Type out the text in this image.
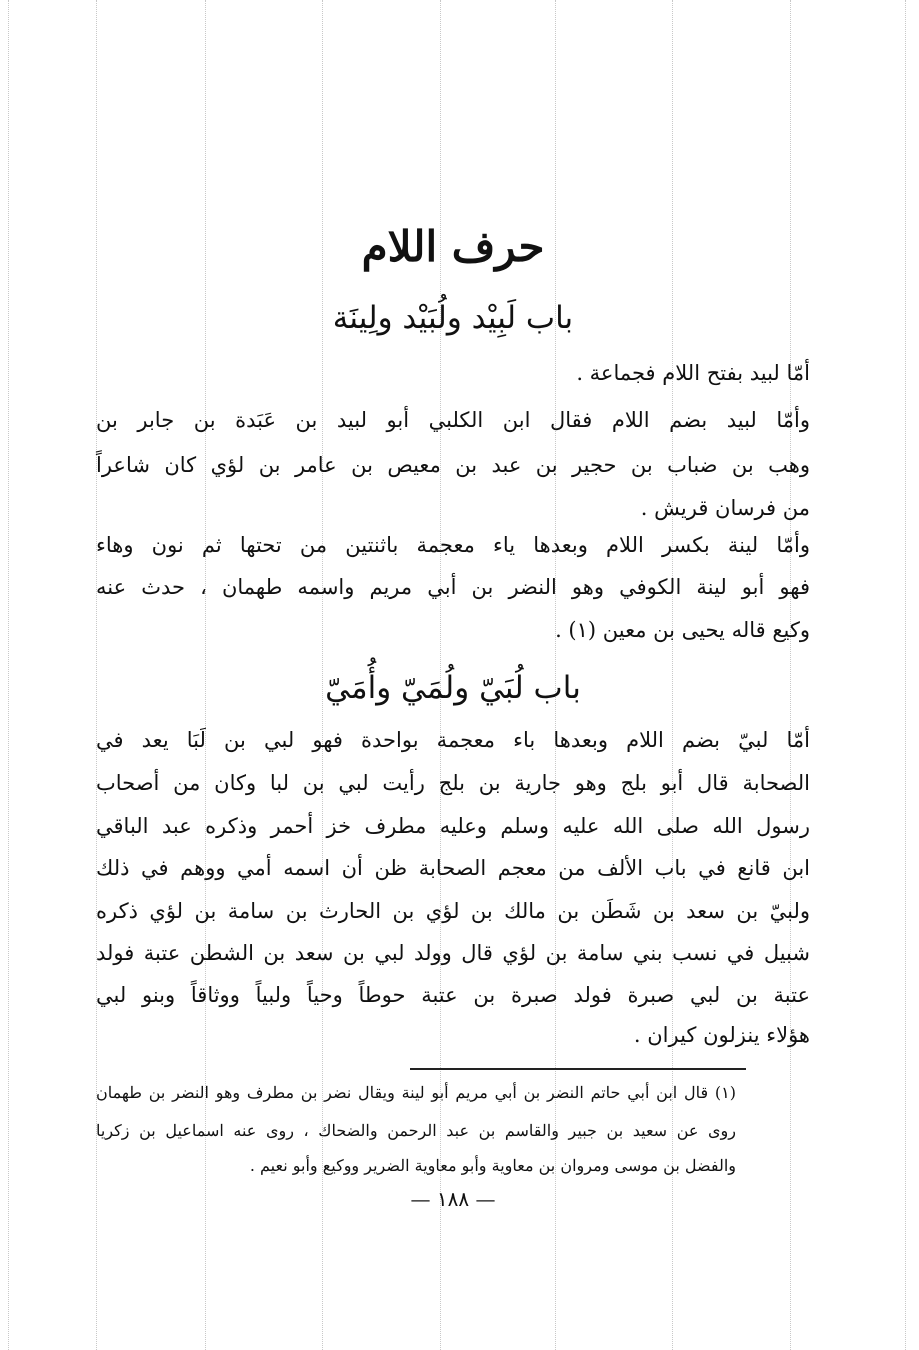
حرف اللام
باب لَبِيْد ولُبَيْد ولِينَة
أمّا لبيد بفتح اللام فجماعة .
وأمّا لبيد بضم اللام فقال ابن الكلبي أبو لبيد بن عَبَدة بن جابر بن
وهب بن ضباب بن حجير بن عبد بن معيص بن عامر بن لؤي كان شاعراً
من فرسان قريش .
وأمّا لينة بكسر اللام وبعدها ياء معجمة باثنتين من تحتها ثم نون وهاء
فهو أبو لينة الكوفي وهو النضر بن أبي مريم واسمه طهمان ، حدث عنه
وكيع قاله يحيى بن معين (١) .
باب لُبَيّ ولُمَيّ وأُمَيّ
أمّا لبيّ بضم اللام وبعدها باء معجمة بواحدة فهو لبي بن لَبَا يعد في
الصحابة قال أبو بلج وهو جارية بن بلج رأيت لبي بن لبا وكان من أصحاب
رسول الله صلى الله عليه وسلم وعليه مطرف خز أحمر وذكره عبد الباقي
ابن قانع في باب الألف من معجم الصحابة ظن أن اسمه أمي ووهم في ذلك
ولبيّ بن سعد بن شَطَن بن مالك بن لؤي بن الحارث بن سامة بن لؤي ذكره
شبيل في نسب بني سامة بن لؤي قال وولد لبي بن سعد بن الشطن عتبة فولد
عتبة بن لبي صبرة فولد صبرة بن عتبة حوطاً وحياً ولبياً ووثاقاً وبنو لبي
هؤلاء ينزلون كيران .
(١) قال ابن أبي حاتم النضر بن أبي مريم أبو لينة ويقال نضر بن مطرف وهو النضر بن طهمان
روى عن سعيد بن جبير والقاسم بن عبد الرحمن والضحاك ، روى عنه اسماعيل بن زكريا
والفضل بن موسى ومروان بن معاوية وأبو معاوية الضرير ووكيع وأبو نعيم .
— ١٨٨ —
